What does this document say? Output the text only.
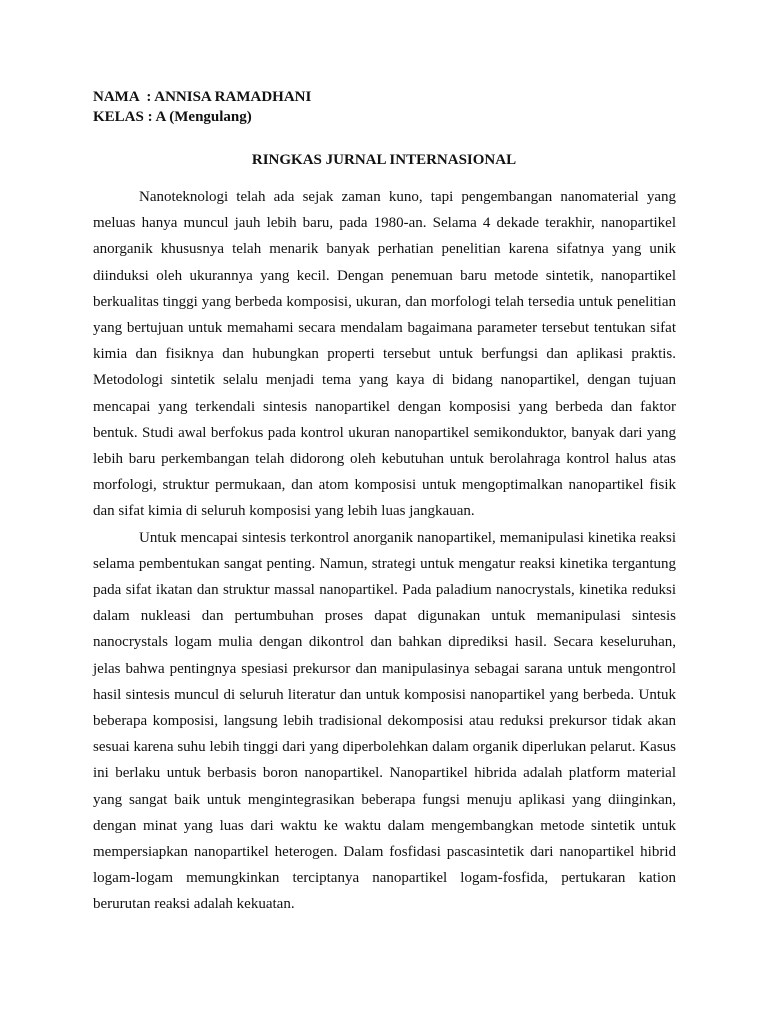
NAMA  : ANNISA RAMADHANI
KELAS : A (Mengulang)
RINGKAS JURNAL INTERNASIONAL

Nanoteknologi telah ada sejak zaman kuno, tapi pengembangan nanomaterial yang meluas hanya muncul jauh lebih baru, pada 1980-an. Selama 4 dekade terakhir, nanopartikel anorganik khususnya telah menarik banyak perhatian penelitian karena sifatnya yang unik diinduksi oleh ukurannya yang kecil. Dengan penemuan baru metode sintetik, nanopartikel berkualitas tinggi yang berbeda komposisi, ukuran, dan morfologi telah tersedia untuk penelitian yang bertujuan untuk memahami secara mendalam bagaimana parameter tersebut tentukan sifat kimia dan fisiknya dan hubungkan properti tersebut untuk berfungsi dan aplikasi praktis. Metodologi sintetik selalu menjadi tema yang kaya di bidang nanopartikel, dengan tujuan mencapai yang terkendali sintesis nanopartikel dengan komposisi yang berbeda dan faktor bentuk. Studi awal berfokus pada kontrol ukuran nanopartikel semikonduktor, banyak dari yang lebih baru perkembangan telah didorong oleh kebutuhan untuk berolahraga kontrol halus atas morfologi, struktur permukaan, dan atom komposisi untuk mengoptimalkan nanopartikel fisik dan sifat kimia di seluruh komposisi yang lebih luas jangkauan.

Untuk mencapai sintesis terkontrol anorganik nanopartikel, memanipulasi kinetika reaksi selama pembentukan sangat penting. Namun, strategi untuk mengatur reaksi kinetika tergantung pada sifat ikatan dan struktur massal nanopartikel. Pada paladium nanocrystals, kinetika reduksi dalam nukleasi dan pertumbuhan proses dapat digunakan untuk memanipulasi sintesis nanocrystals logam mulia dengan dikontrol dan bahkan diprediksi hasil. Secara keseluruhan, jelas bahwa pentingnya spesiasi prekursor dan manipulasinya sebagai sarana untuk mengontrol hasil sintesis muncul di seluruh literatur dan untuk komposisi nanopartikel yang berbeda. Untuk beberapa komposisi, langsung lebih tradisional dekomposisi atau reduksi prekursor tidak akan sesuai karena suhu lebih tinggi dari yang diperbolehkan dalam organik diperlukan pelarut. Kasus ini berlaku untuk berbasis boron nanopartikel. Nanopartikel hibrida adalah platform material yang sangat baik untuk mengintegrasikan beberapa fungsi menuju aplikasi yang diinginkan, dengan minat yang luas dari waktu ke waktu dalam mengembangkan metode sintetik untuk mempersiapkan nanopartikel heterogen. Dalam fosfidasi pascasintetik dari nanopartikel hibrid logam-logam memungkinkan terciptanya nanopartikel logam-fosfida, pertukaran kation berurutan reaksi adalah kekuatan.
